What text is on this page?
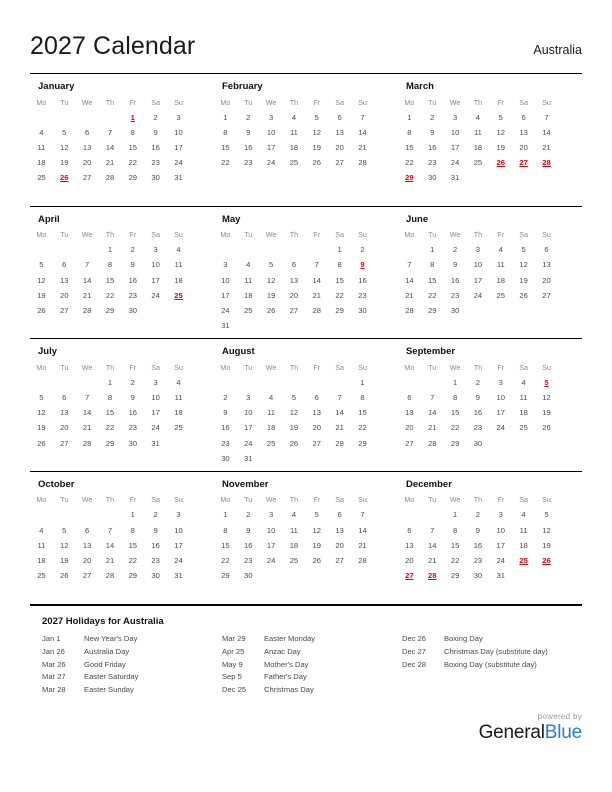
2027 Calendar	Australia
January
Mo	Tu	We	Th	Fr	Sa	Su
				1	2	3
4	5	6	7	8	9	10
11	12	13	14	15	16	17
18	19	20	21	22	23	24
25	26	27	28	29	30	31

February
Mo	Tu	We	Th	Fr	Sa	Su
1	2	3	4	5	6	7
8	9	10	11	12	13	14
15	16	17	18	19	20	21
22	23	24	25	26	27	28

March
Mo	Tu	We	Th	Fr	Sa	Su
1	2	3	4	5	6	7
8	9	10	11	12	13	14
15	16	17	18	19	20	21
22	23	24	25	26	27	28
29	30	31				

April
Mo	Tu	We	Th	Fr	Sa	Su
			1	2	3	4
5	6	7	8	9	10	11
12	13	14	15	16	17	18
19	20	21	22	23	24	25
26	27	28	29	30		

May
Mo	Tu	We	Th	Fr	Sa	Su
					1	2
3	4	5	6	7	8	9
10	11	12	13	14	15	16
17	18	19	20	21	22	23
24	25	26	27	28	29	30
31						
June
Mo	Tu	We	Th	Fr	Sa	Su
	1	2	3	4	5	6
7	8	9	10	11	12	13
14	15	16	17	18	19	20
21	22	23	24	25	26	27
28	29	30				

July
Mo	Tu	We	Th	Fr	Sa	Su
			1	2	3	4
5	6	7	8	9	10	11
12	13	14	15	16	17	18
19	20	21	22	23	24	25
26	27	28	29	30	31	

August
Mo	Tu	We	Th	Fr	Sa	Su
						1
2	3	4	5	6	7	8
9	10	11	12	13	14	15
16	17	18	19	20	21	22
23	24	25	26	27	28	29
30	31					
September
Mo	Tu	We	Th	Fr	Sa	Su
		1	2	3	4	5
6	7	8	9	10	11	12
13	14	15	16	17	18	19
20	21	22	23	24	25	26
27	28	29	30			

October
Mo	Tu	We	Th	Fr	Sa	Su
				1	2	3
4	5	6	7	8	9	10
11	12	13	14	15	16	17
18	19	20	21	22	23	24
25	26	27	28	29	30	31

November
Mo	Tu	We	Th	Fr	Sa	Su
1	2	3	4	5	6	7
8	9	10	11	12	13	14
15	16	17	18	19	20	21
22	23	24	25	26	27	28
29	30					

December
Mo	Tu	We	Th	Fr	Sa	Su
		1	2	3	4	5
6	7	8	9	10	11	12
13	14	15	16	17	18	19
20	21	22	23	24	25	26
27	28	29	30	31		

2027 Holidays for Australia
Jan 1	New Year's Day
Jan 26	Australia Day
Mar 26	Good Friday
Mar 27	Easter Saturday
Mar 28	Easter Sunday
Mar 29	Easter Monday
Apr 25	Anzac Day
May 9	Mother's Day
Sep 5	Father's Day
Dec 25	Christmas Day
Dec 26	Boxing Day
Dec 27	Christmas Day (substitute day)
Dec 28	Boxing Day (substitute day)
powered by
GeneralBlue
